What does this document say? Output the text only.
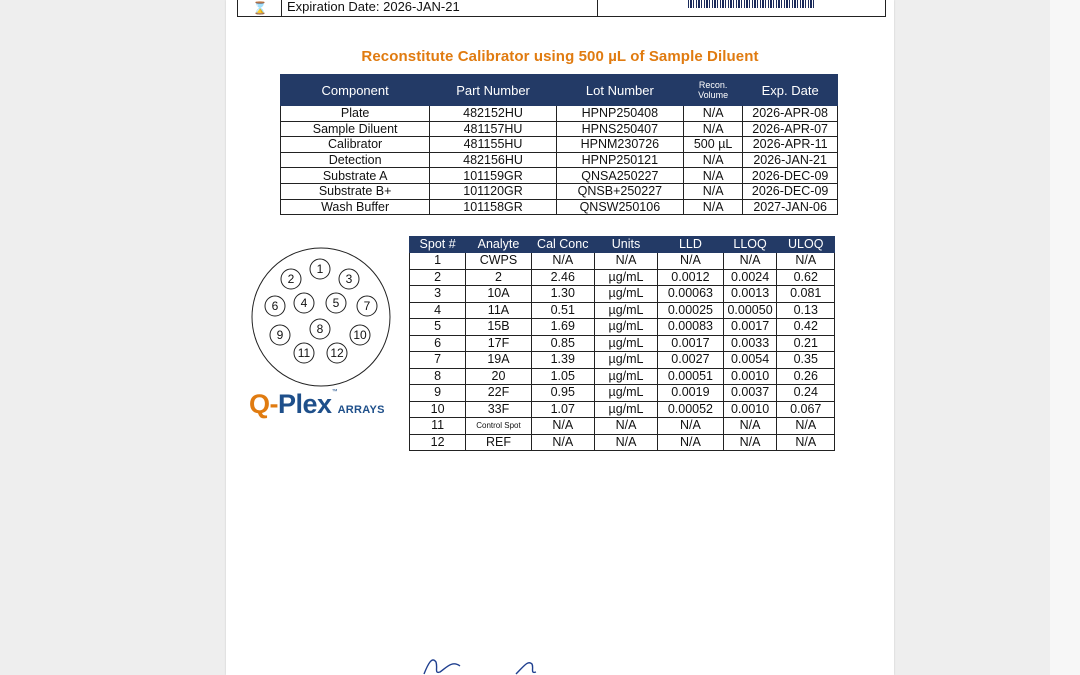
⌛ Expiration Date: 2026-JAN-21
Reconstitute Calibrator using 500 µL of Sample Diluent
Component	Part Number	Lot Number	Recon. Volume	Exp. Date
Plate	482152HU	HPNP250408	N/A	2026-APR-08
Sample Diluent	481157HU	HPNS250407	N/A	2026-APR-07
Calibrator	481155HU	HPNM230726	500 µL	2026-APR-11
Detection	482156HU	HPNP250121	N/A	2026-JAN-21
Substrate A	101159GR	QNSA250227	N/A	2026-DEC-09
Substrate B+	101120GR	QNSB+250227	N/A	2026-DEC-09
Wash Buffer	101158GR	QNSW250106	N/A	2027-JAN-06
1
2	3
4 5
6	7
8
9	10
11 12
Q-Plex™ARRAYS
Spot #	Analyte	Cal Conc	Units	LLD	LLOQ	ULOQ
1	CWPS	N/A	N/A	N/A	N/A	N/A
2	2	2.46	µg/mL	0.0012	0.0024	0.62
3	10A	1.30	µg/mL	0.00063	0.0013	0.081
4	11A	0.51	µg/mL	0.00025	0.00050	0.13
5	15B	1.69	µg/mL	0.00083	0.0017	0.42
6	17F	0.85	µg/mL	0.0017	0.0033	0.21
7	19A	1.39	µg/mL	0.0027	0.0054	0.35
8	20	1.05	µg/mL	0.00051	0.0010	0.26
9	22F	0.95	µg/mL	0.0019	0.0037	0.24
10	33F	1.07	µg/mL	0.00052	0.0010	0.067
11	Control Spot	N/A	N/A	N/A	N/A	N/A
12	REF	N/A	N/A	N/A	N/A	N/A
